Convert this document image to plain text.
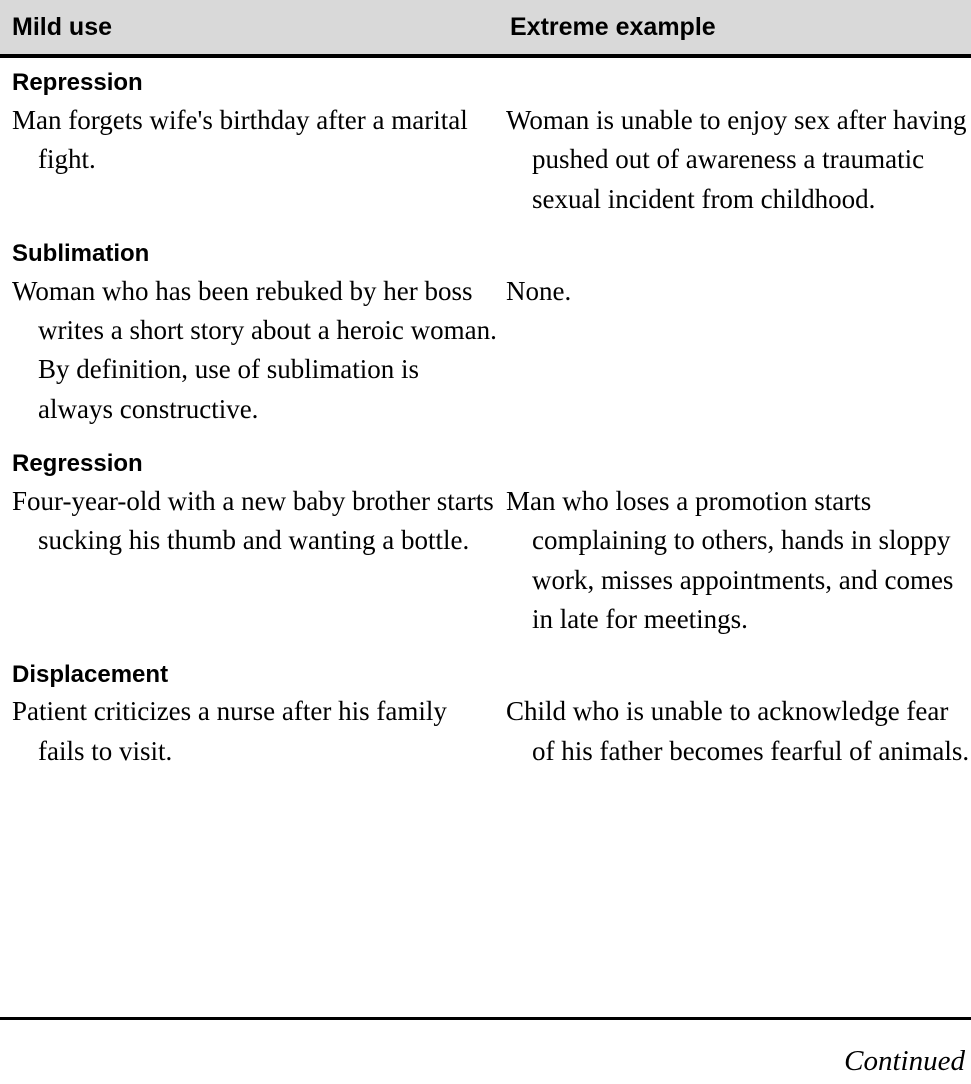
Mild use	Extreme example
Repression
Man forgets wife's birthday after a marital fight.
Woman is unable to enjoy sex after having pushed out of awareness a traumatic sexual incident from childhood.
Sublimation
Woman who has been rebuked by her boss writes a short story about a heroic woman. By definition, use of sublimation is always constructive.
None.
Regression
Four-year-old with a new baby brother starts sucking his thumb and wanting a bottle.
Man who loses a promotion starts complaining to others, hands in sloppy work, misses appointments, and comes in late for meetings.
Displacement
Patient criticizes a nurse after his family fails to visit.
Child who is unable to acknowledge fear of his father becomes fearful of animals.
Continued
